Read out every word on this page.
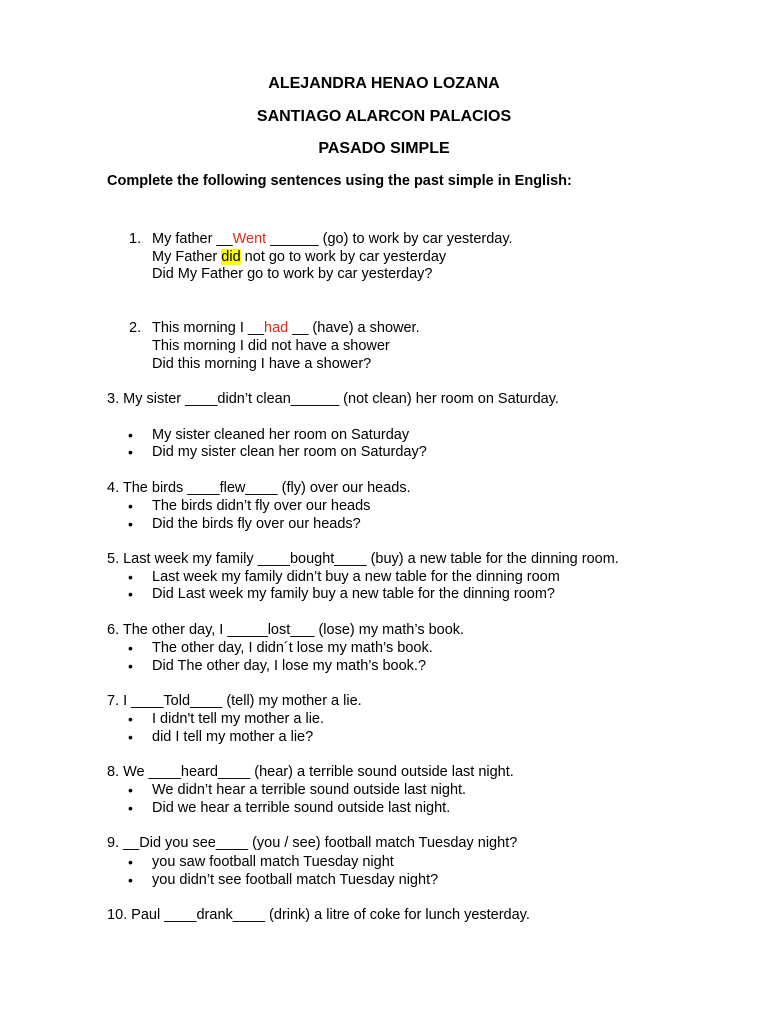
ALEJANDRA HENAO LOZANA
SANTIAGO ALARCON PALACIOS
PASADO SIMPLE
Complete the following sentences using the past simple in English:
1. My father __Went ______ (go) to work by car yesterday.
My Father did not go to work by car yesterday
Did My Father go to work by car yesterday?
2. This morning I __had __ (have) a shower.
This morning I did not have a shower
Did this morning I have a shower?
3. My sister ____didn’t clean______ (not clean) her room on Saturday.
• My sister cleaned her room on Saturday
• Did my sister clean her room on Saturday?
4. The birds ____flew____ (fly) over our heads.
• The birds didn’t fly over our heads
• Did the birds fly over our heads?
5. Last week my family ____bought____ (buy) a new table for the dinning room.
• Last week my family didn’t buy a new table for the dinning room
• Did Last week my family buy a new table for the dinning room?
6. The other day, I _____lost___ (lose) my math’s book.
• The other day, I didn´t lose my math’s book.
• Did The other day, I lose my math’s book.?
7. I ____Told____ (tell) my mother a lie.
• I didn't tell my mother a lie.
• did I tell my mother a lie?
8. We ____heard____ (hear) a terrible sound outside last night.
• We didn’t hear a terrible sound outside last night.
• Did we hear a terrible sound outside last night.
9. __Did you see____ (you / see) football match Tuesday night?
• you saw football match Tuesday night
• you didn’t see football match Tuesday night?
10. Paul ____drank____ (drink) a litre of coke for lunch yesterday.
